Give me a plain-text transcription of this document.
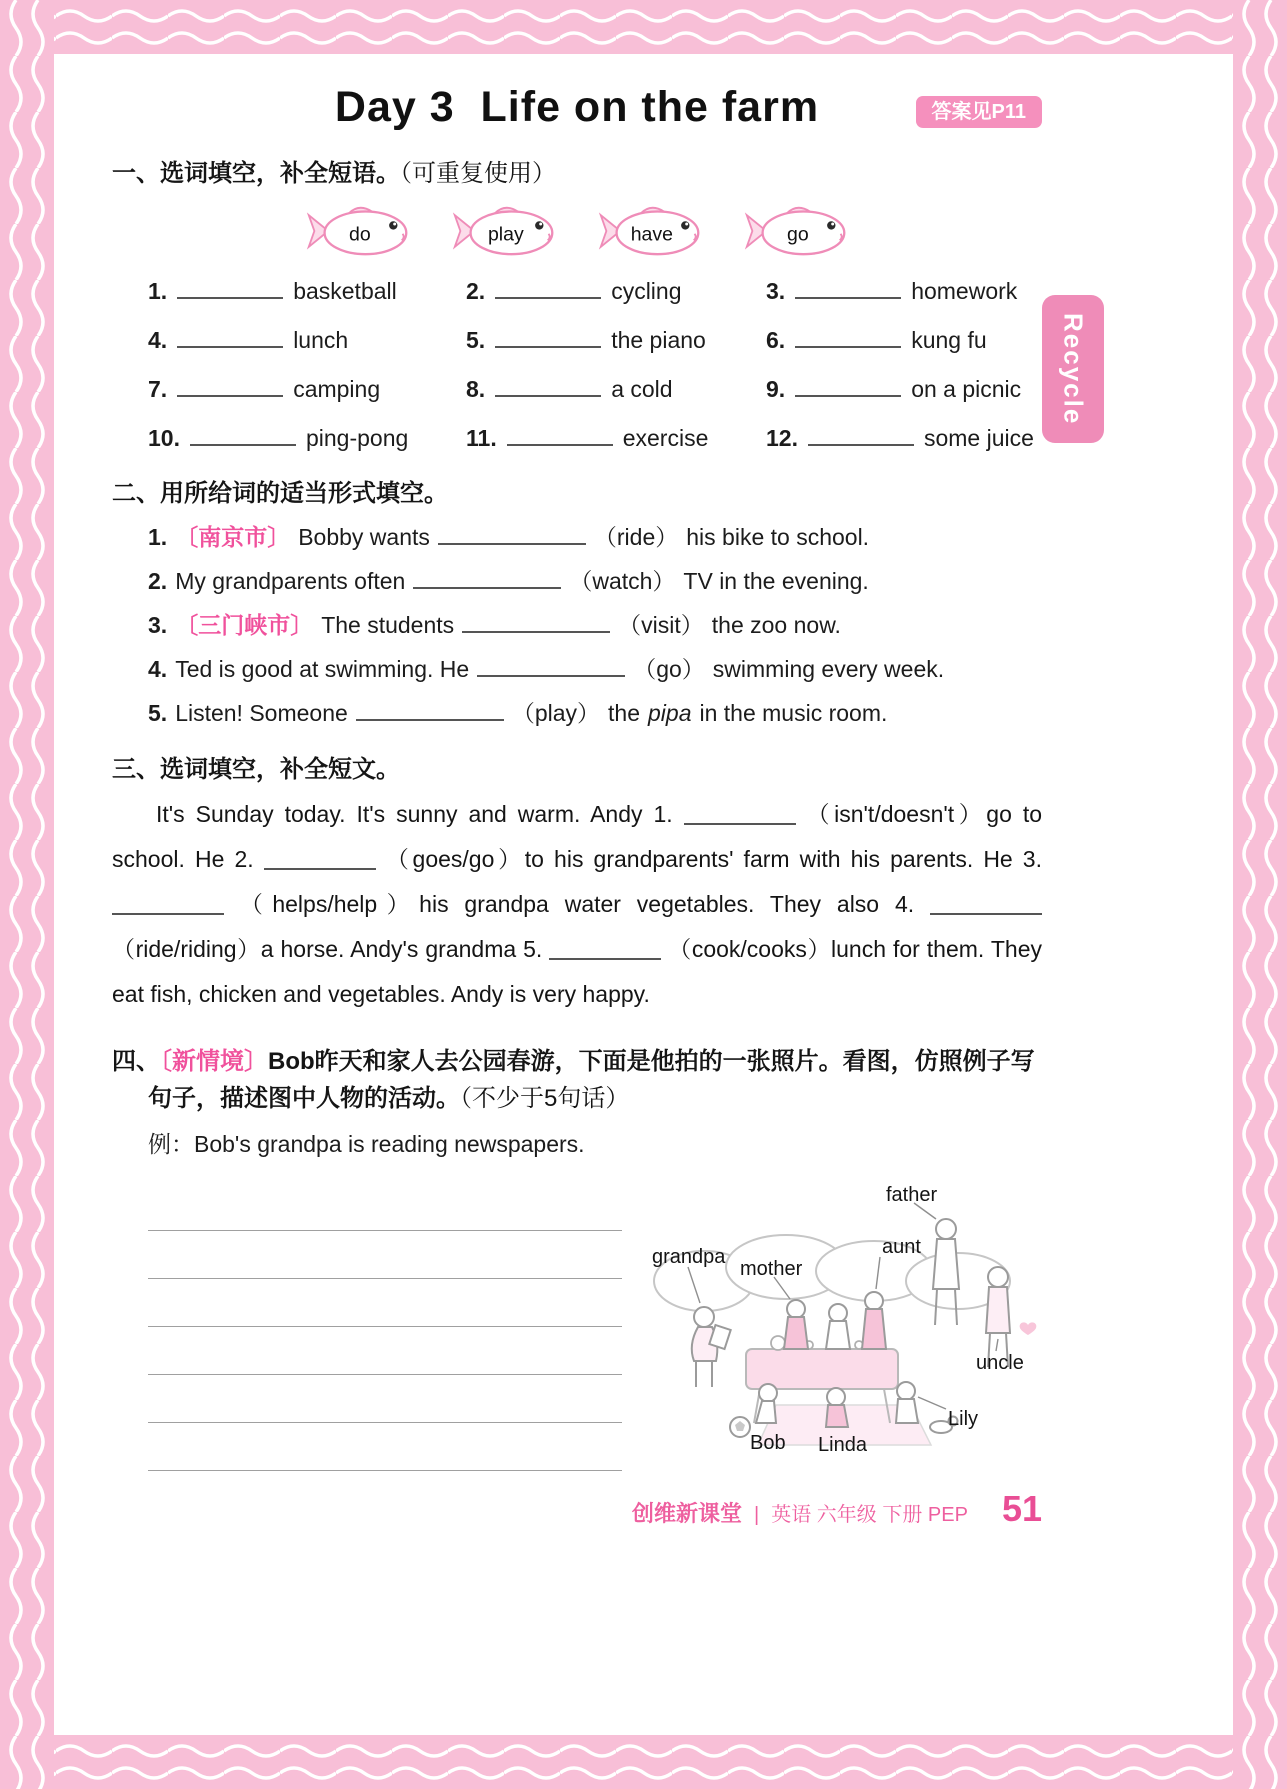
Recycle
Day 3  Life on the farm	答案见P11
一、选词填空，补全短语。（可重复使用）
do	play	have	go
1.	basketball	2.	cycling	3.	homework
4.	lunch	5.	the piano	6.	kung fu
7.	camping	8.	a cold	9.	on a picnic
10.	ping-pong	11.	exercise	12.	some juice
二、用所给词的适当形式填空。
1. 〔南京市〕 Bobby wants	（ride） his bike to school.
2. My grandparents often	（watch） TV in the evening.
3. 〔三门峡市〕 The students	（visit） the zoo now.
4. Ted is good at swimming. He	（go） swimming every week.
5. Listen! Someone	（play） the pipa in the music room.
三、选词填空，补全短文。

It's Sunday today. It's sunny and warm. Andy 1.	（isn't/doesn't）go to school. He 2.	（goes/go）to his grandparents' farm with his parents. He 3.  （helps/help）his grandpa water vegetables. They also 4.  （ride/riding）a horse. Andy's grandma 5.	（cook/cooks）lunch for them. They eat fish, chicken and vegetables. Andy is very happy.

四、〔新情境〕Bob昨天和家人去公园春游，下面是他拍的一张照片。看图，仿照例子写句子，描述图中人物的活动。（不少于5句话）

例：Bob's grandpa is reading newspapers.

father
grandpa
mother
aunt
uncle
Bob Linda
Lily
创维新课堂 | 英语 六年级 下册 PEP 51
